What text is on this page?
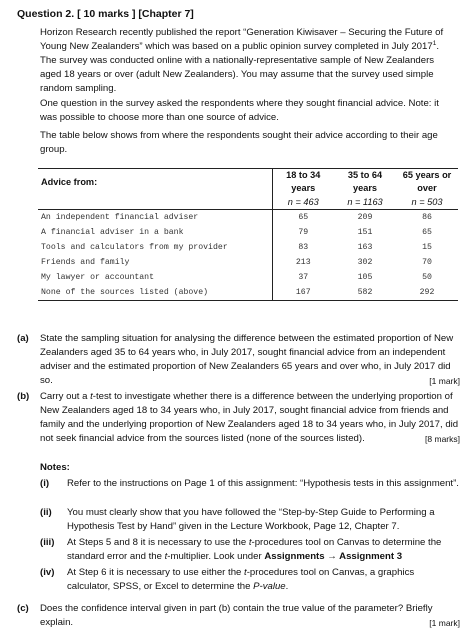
Question 2. [ 10 marks ] [Chapter 7]
Horizon Research recently published the report “Generation Kiwisaver – Securing the Future of Young New Zealanders” which was based on a public opinion survey completed in July 2017$^1$. The survey was conducted online with a nationally-representative sample of New Zealanders aged 18 years or over (adult New Zealanders). You may assume that the survey used simple random sampling.
One question in the survey asked the respondents where they sought financial advice. Note: it was possible to choose more than one source of advice.
The table below shows from where the respondents sought their advice according to their age group.
Advice from:	18 to 34	35 to 64	65 years or
	years	years	over
	n = 463	n = 1163	n = 503
An independent financial adviser	65	209	86
A financial adviser in a bank	79	151	65
Tools and calculators from my provider	83	163	15
Friends and family	213	302	70
My lawyer or accountant	37	105	50
None of the sources listed (above)	167	582	292
(a) State the sampling situation for analysing the difference between the estimated proportion of New Zealanders aged 35 to 64 years who, in July 2017, sought financial advice from an independent adviser and the estimated proportion of New Zealanders 65 years and over who, in July 2017 did so.	[1 mark]
(b) Carry out a t-test to investigate whether there is a difference between the underlying proportion of New Zealanders aged 18 to 34 years who, in July 2017, sought financial advice from friends and family and the underlying proportion of New Zealanders aged 18 to 34 years who, in July 2017, did not seek financial advice from the sources listed (none of the sources listed).	[8 marks]
Notes:
(i) Refer to the instructions on Page 1 of this assignment: “Hypothesis tests in this assignment”.
(ii) You must clearly show that you have followed the “Step-by-Step Guide to Performing a Hypothesis Test by Hand” given in the Lecture Workbook, Page 12, Chapter 7.
(iii) At Steps 5 and 8 it is necessary to use the t-procedures tool on Canvas to determine the standard error and the t-multiplier. Look under Assignments → Assignment 3
(iv) At Step 6 it is necessary to use either the t-procedures tool on Canvas, a graphics calculator, SPSS, or Excel to determine the P-value.
(c) Does the confidence interval given in part (b) contain the true value of the parameter? Briefly explain.	[1 mark]
